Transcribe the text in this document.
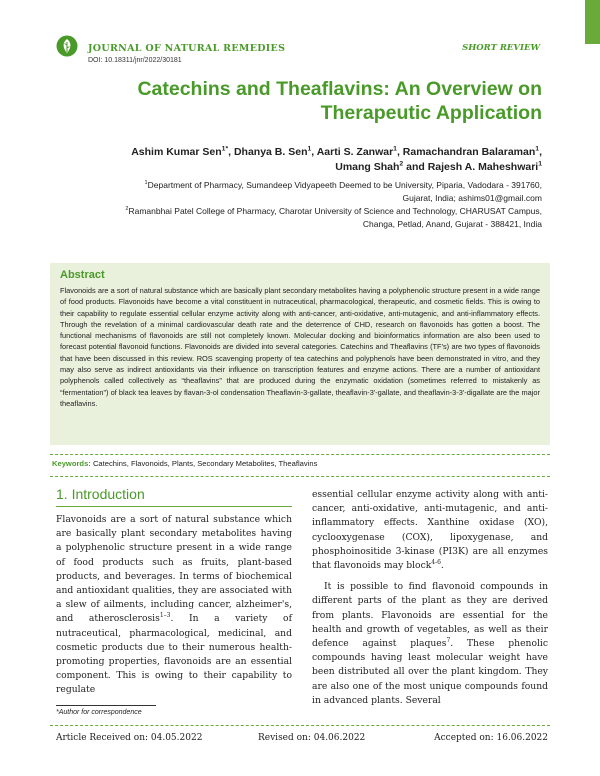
JOURNAL OF NATURAL REMEDIES
DOI: 10.18311/jnr/2022/30181
SHORT REVIEW
Catechins and Theaflavins: An Overview on
Therapeutic Application
Ashim Kumar Sen$^{1*}$, Dhanya B. Sen$^1$, Aarti S. Zanwar$^1$, Ramachandran Balaraman$^1$,
Umang Shah$^2$ and Rajesh A. Maheshwari$^1$
$^1$Department of Pharmacy, Sumandeep Vidyapeeth Deemed to be University, Piparia, Vadodara - 391760,
Gujarat, India; ashims01@gmail.com
$^2$Ramanbhai Patel College of Pharmacy, Charotar University of Science and Technology, CHARUSAT Campus,
Changa, Petlad, Anand, Gujarat - 388421, India
Abstract
Flavonoids are a sort of natural substance which are basically plant secondary metabolites having a polyphenolic structure present in a wide range of food products. Flavonoids have become a vital constituent in nutraceutical, pharmacological, therapeutic, and cosmetic fields. This is owing to their capability to regulate essential cellular enzyme activity along with anti-cancer, anti-oxidative, anti-mutagenic, and anti-inflammatory effects. Through the revelation of a minimal cardiovascular death rate and the deterrence of CHD, research on flavonoids has gotten a boost. The functional mechanisms of flavonoids are still not completely known. Molecular docking and bioinformatics information are also been used to forecast potential flavonoid functions. Flavonoids are divided into several categories. Catechins and Theaflavins (TF's) are two types of flavonoids that have been discussed in this review. ROS scavenging property of tea catechins and polyphenols have been demonstrated in vitro, and they may also serve as indirect antioxidants via their influence on transcription features and enzyme actions. There are a number of antioxidant polyphenols called collectively as “theaflavins” that are produced during the enzymatic oxidation (sometimes referred to mistakenly as “fermentation”) of black tea leaves by flavan-3-ol condensation Theaflavin-3-gallate, theaflavin-3'-gallate, and theaflavin-3-3'-digallate are the major theaflavins.
Keywords: Catechins, Flavonoids, Plants, Secondary Metabolites, Theaflavins
1. Introduction

Flavonoids are a sort of natural substance which are basically plant secondary metabolites having a polyphenolic structure present in a wide range of food products such as fruits, plant-based products, and beverages. In terms of biochemical and antioxidant qualities, they are associated with a slew of ailments, including cancer, alzheimer's, and atherosclerosis$^{1-3}$. In a variety of nutraceutical, pharmacological, medicinal, and cosmetic products due to their numerous health-promoting properties, flavonoids are an essential component. This is owing to their capability to regulate

essential cellular enzyme activity along with anti-cancer, anti-oxidative, anti-mutagenic, and anti-inflammatory effects. Xanthine oxidase (XO), cyclooxygenase (COX), lipoxygenase, and phosphoinositide 3-kinase (PI3K) are all enzymes that flavonoids may block$^{4-6}$.

It is possible to find flavonoid compounds in different parts of the plant as they are derived from plants. Flavonoids are essential for the health and growth of vegetables, as well as their defence against plaques$^7$. These phenolic compounds having least molecular weight have been distributed all over the plant kingdom. They are also one of the most unique compounds found in advanced plants. Several

*Author for correspondence
Article Received on: 04.05.2022	Revised on: 04.06.2022	Accepted on: 16.06.2022
